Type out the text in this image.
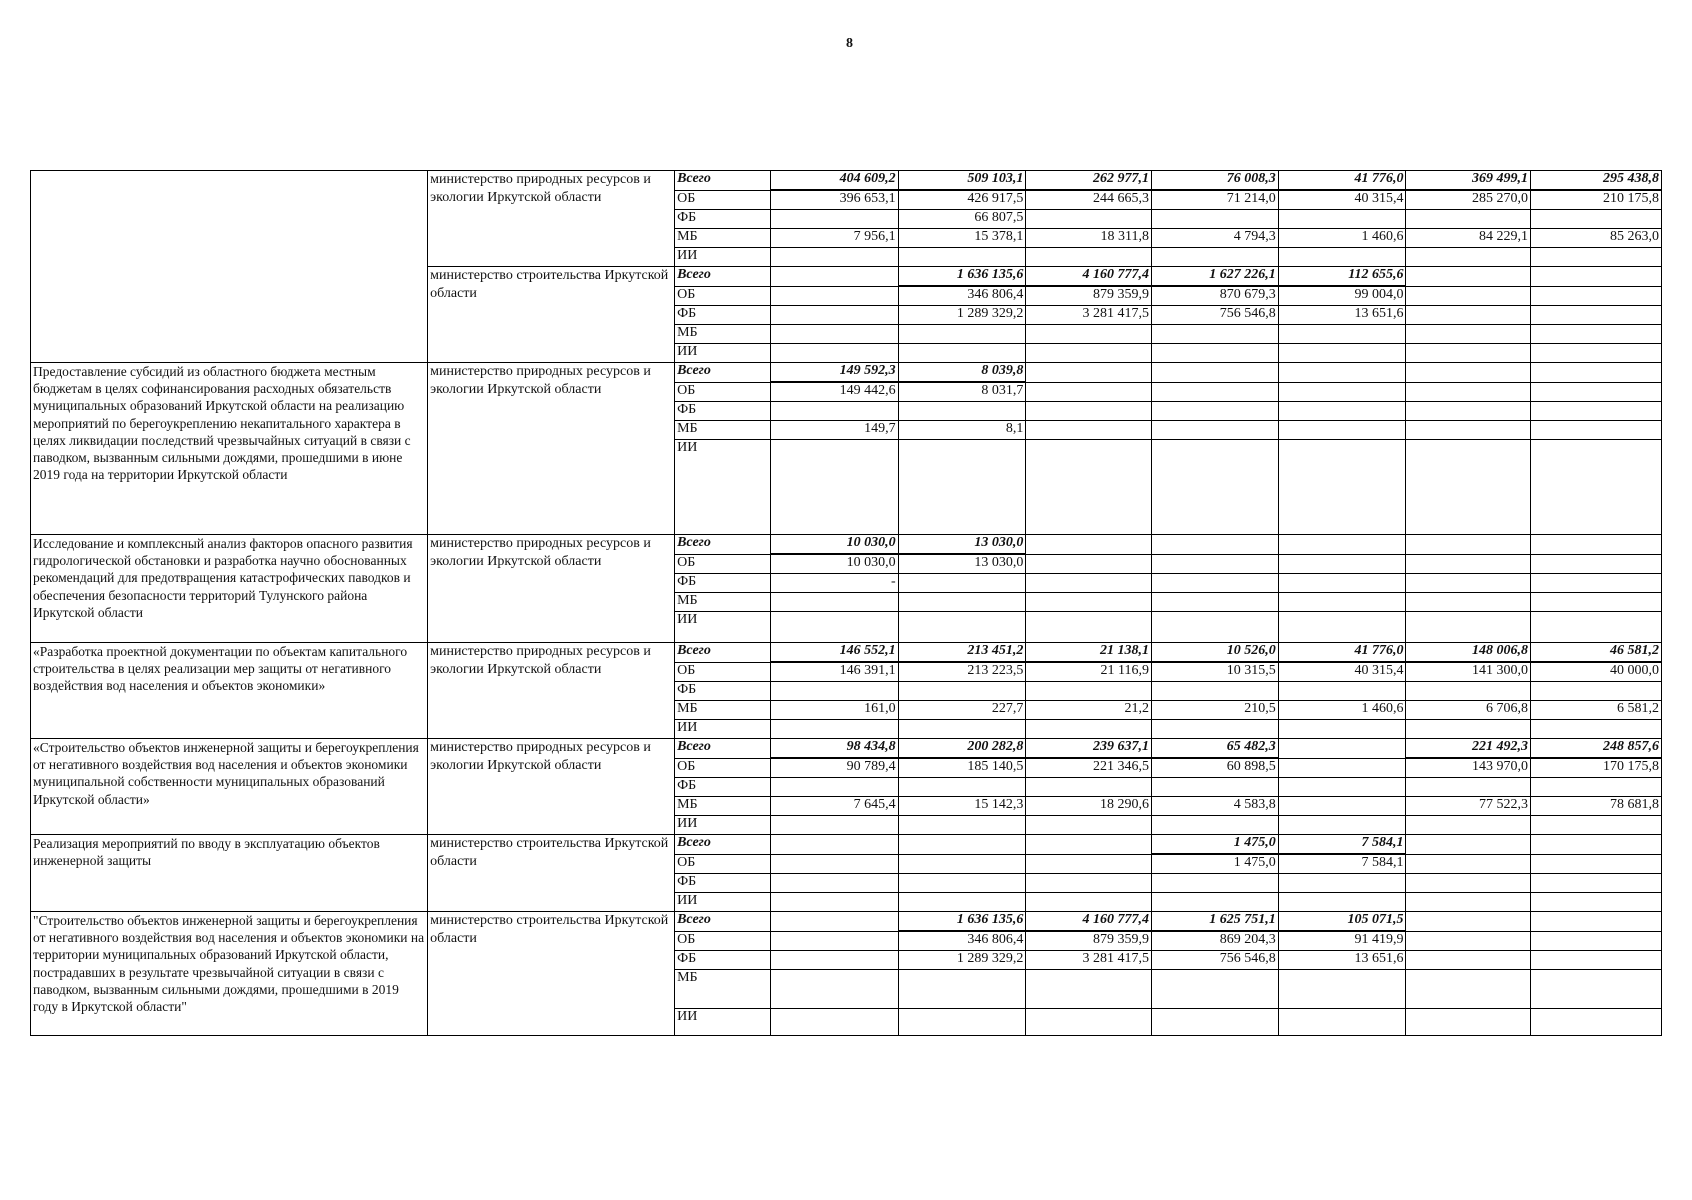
8
	министерство природных ресурсов и экологии Иркутской области	Всего	404 609,2	509 103,1	262 977,1	76 008,3	41 776,0	369 499,1	295 438,8
		ОБ	396 653,1	426 917,5	244 665,3	71 214,0	40 315,4	285 270,0	210 175,8
		ФБ		66 807,5					
		МБ	7 956,1	15 378,1	18 311,8	4 794,3	1 460,6	84 229,1	85 263,0
		ИИ							
	министерство строительства Иркутской области	Всего		1 636 135,6	4 160 777,4	1 627 226,1	112 655,6		
		ОБ		346 806,4	879 359,9	870 679,3	99 004,0		
		ФБ		1 289 329,2	3 281 417,5	756 546,8	13 651,6		
		МБ							
		ИИ							
Предоставление субсидий из областного бюджета местным бюджетам в целях софинансирования расходных обязательств муниципальных образований Иркутской области на реализацию мероприятий по берегоукреплению некапитального характера в целях ликвидации последствий чрезвычайных ситуаций в связи с паводком, вызванным сильными дождями, прошедшими в июне 2019 года на территории Иркутской области	министерство природных ресурсов и экологии Иркутской области	Всего	149 592,3	8 039,8					
		ОБ	149 442,6	8 031,7					
		ФБ							
		МБ	149,7	8,1					
		ИИ							
Исследование и комплексный анализ факторов опасного развития гидрологической обстановки и разработка научно обоснованных рекомендаций для предотвращения катастрофических паводков и обеспечения безопасности территорий Тулунского района Иркутской области	министерство природных ресурсов и экологии Иркутской области	Всего	10 030,0	13 030,0					
		ОБ	10 030,0	13 030,0					
		ФБ	-						
		МБ							
		ИИ							
«Разработка проектной документации по объектам капитального строительства в целях реализации мер защиты от негативного воздействия вод населения и объектов экономики»	министерство природных ресурсов и экологии Иркутской области	Всего	146 552,1	213 451,2	21 138,1	10 526,0	41 776,0	148 006,8	46 581,2
		ОБ	146 391,1	213 223,5	21 116,9	10 315,5	40 315,4	141 300,0	40 000,0
		ФБ							
		МБ	161,0	227,7	21,2	210,5	1 460,6	6 706,8	6 581,2
		ИИ							
«Строительство объектов инженерной защиты и берегоукрепления от негативного воздействия вод населения и объектов экономики муниципальной собственности муниципальных образований Иркутской области»	министерство природных ресурсов и экологии Иркутской области	Всего	98 434,8	200 282,8	239 637,1	65 482,3		221 492,3	248 857,6
		ОБ	90 789,4	185 140,5	221 346,5	60 898,5		143 970,0	170 175,8
		ФБ							
		МБ	7 645,4	15 142,3	18 290,6	4 583,8		77 522,3	78 681,8
		ИИ							
Реализация мероприятий по вводу в эксплуатацию объектов инженерной защиты	министерство строительства Иркутской области	Всего				1 475,0	7 584,1		
		ОБ				1 475,0	7 584,1		
		ФБ							
		ИИ							
"Строительство объектов инженерной защиты и берегоукрепления от негативного воздействия вод населения и объектов экономики на территории муниципальных образований Иркутской области, пострадавших в результате чрезвычайной ситуации в связи с паводком, вызванным сильными дождями, прошедшими в 2019 году в Иркутской области"	министерство строительства Иркутской области	Всего		1 636 135,6	4 160 777,4	1 625 751,1	105 071,5		
		ОБ		346 806,4	879 359,9	869 204,3	91 419,9		
		ФБ		1 289 329,2	3 281 417,5	756 546,8	13 651,6		
		МБ							
		ИИ							
